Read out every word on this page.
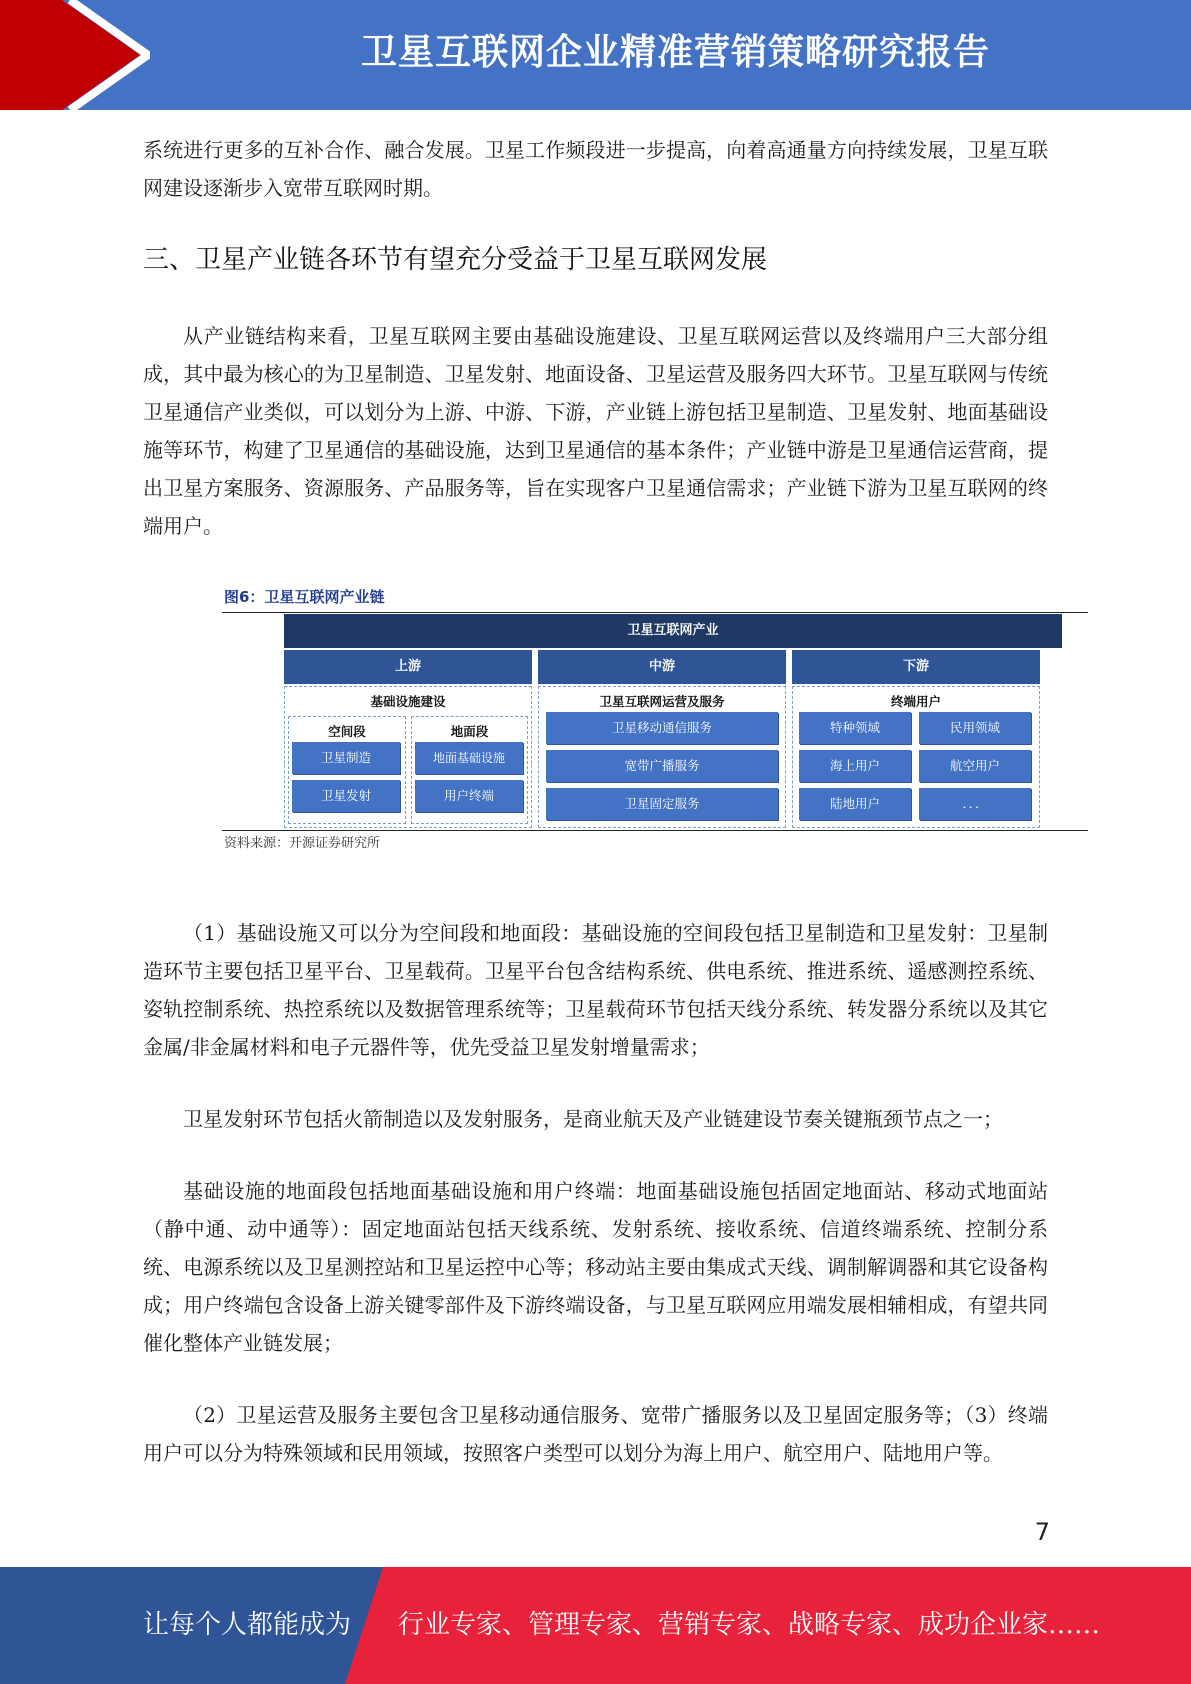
卫星互联网企业精准营销策略研究报告

系统进行更多的互补合作、融合发展。卫星工作频段进一步提高，向着高通量方向持续发展，卫星互联网建设逐渐步入宽带互联网时期。

三、卫星产业链各环节有望充分受益于卫星互联网发展

从产业链结构来看，卫星互联网主要由基础设施建设、卫星互联网运营以及终端用户三大部分组成，其中最为核心的为卫星制造、卫星发射、地面设备、卫星运营及服务四大环节。卫星互联网与传统卫星通信产业类似，可以划分为上游、中游、下游，产业链上游包括卫星制造、卫星发射、地面基础设施等环节，构建了卫星通信的基础设施，达到卫星通信的基本条件；产业链中游是卫星通信运营商，提出卫星方案服务、资源服务、产品服务等，旨在实现客户卫星通信需求；产业链下游为卫星互联网的终端用户。

图6：卫星互联网产业链
卫星互联网产业
上游	中游	下游
基础设施建设
空间段
卫星制造
卫星发射
地面段
地面基础设施
用户终端
卫星互联网运营及服务
卫星移动通信服务
宽带广播服务
卫星固定服务
终端用户
特种领域	民用领域
海上用户	航空用户
陆地用户	．．．
资料来源：开源证券研究所

（1）基础设施又可以分为空间段和地面段：基础设施的空间段包括卫星制造和卫星发射：卫星制造环节主要包括卫星平台、卫星载荷。卫星平台包含结构系统、供电系统、推进系统、遥感测控系统、姿轨控制系统、热控系统以及数据管理系统等；卫星载荷环节包括天线分系统、转发器分系统以及其它金属/非金属材料和电子元器件等，优先受益卫星发射增量需求；

卫星发射环节包括火箭制造以及发射服务，是商业航天及产业链建设节奏关键瓶颈节点之一；

基础设施的地面段包括地面基础设施和用户终端：地面基础设施包括固定地面站、移动式地面站（静中通、动中通等）：固定地面站包括天线系统、发射系统、接收系统、信道终端系统、控制分系统、电源系统以及卫星测控站和卫星运控中心等；移动站主要由集成式天线、调制解调器和其它设备构成；用户终端包含设备上游关键零部件及下游终端设备，与卫星互联网应用端发展相辅相成，有望共同催化整体产业链发展；

（2）卫星运营及服务主要包含卫星移动通信服务、宽带广播服务以及卫星固定服务等；（3）终端用户可以分为特殊领域和民用领域，按照客户类型可以划分为海上用户、航空用户、陆地用户等。

7
让每个人都能成为 行业专家、管理专家、营销专家、战略专家、成功企业家……
